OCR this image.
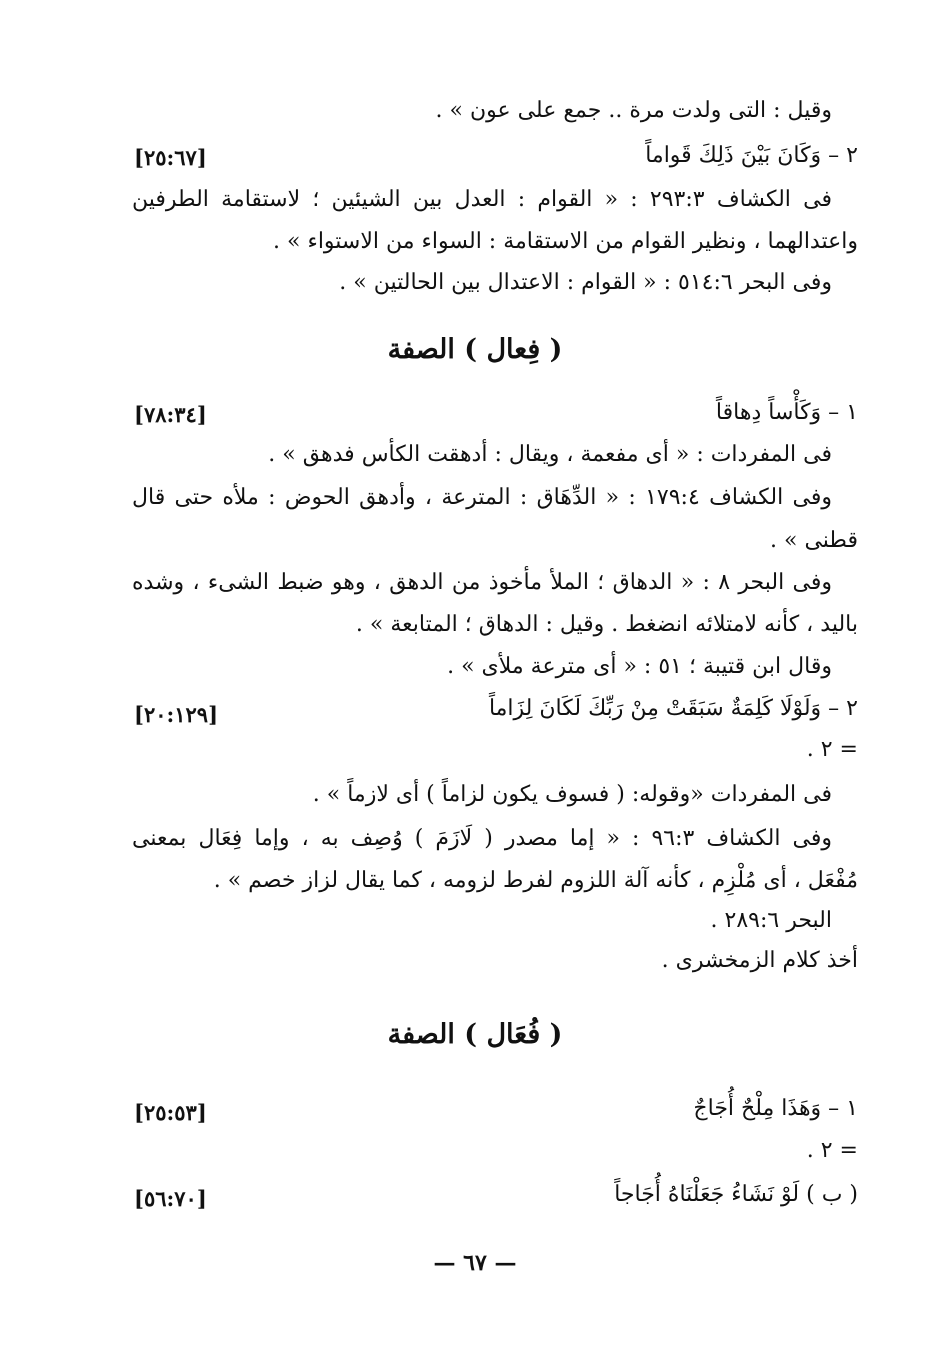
وقيل : التى ولدت مرة .. جمع على عون » .
٢ – وَكَانَ بَيْنَ ذَلِكَ قَواماً
[٢٥:٦٧]
فى الكشاف ٢٩٣:٣ : « القوام : العدل بين الشيئين ؛ لاستقامة الطرفين
واعتدالهما ، ونظير القوام من الاستقامة : السواء من الاستواء » .
وفى البحر ٥١٤:٦ : « القوام : الاعتدال بين الحالتين » .
( فِعال ) الصفة
١ – وَكَأْساً دِهاقاً
[٧٨:٣٤]
فى المفردات : « أى مفعمة ، ويقال : أدهقت الكأس فدهق » .
وفى الكشاف ١٧٩:٤ : « الدِّهَاق : المترعة ، وأدهق الحوض : ملأه حتى قال
قطنى » .
وفى البحر ٨ : « الدهاق ؛ الملأ مأخوذ من الدهق ، وهو ضبط الشىء ، وشده
باليد ، كأنه لامتلائه انضغط . وقيل : الدهاق ؛ المتابعة » .
وقال ابن قتيبة ؛ ٥١ : « أى مترعة ملأى » .
٢ – وَلَوْلَا كَلِمَةٌ سَبَقَتْ مِنْ رَبِّكَ لَكَانَ لِزَاماً
[٢٠:١٢٩]
= ٢ .
فى المفردات «وقوله: ( فسوف يكون لزاماً ) أى لازماً » .
وفى الكشاف ٩٦:٣ : « إما مصدر ( لَازَمَ ) وُصِف به ، وإما فِعَال بمعنى
مُفْعَل ، أى مُلْزِم ، كأنه آلة اللزوم لفرط لزومه ، كما يقال لزاز خصم » .
البحر ٢٨٩:٦ .
أخذ كلام الزمخشرى .
( فُعَال ) الصفة
١ – وَهَذَا مِلْحٌ أُجَاجٌ
[٢٥:٥٣]
= ٢ .
( ب ) لَوْ نَشَاءُ جَعَلْنَاهُ أُجَاجاً
[٥٦:٧٠]
— ٦٧ —
